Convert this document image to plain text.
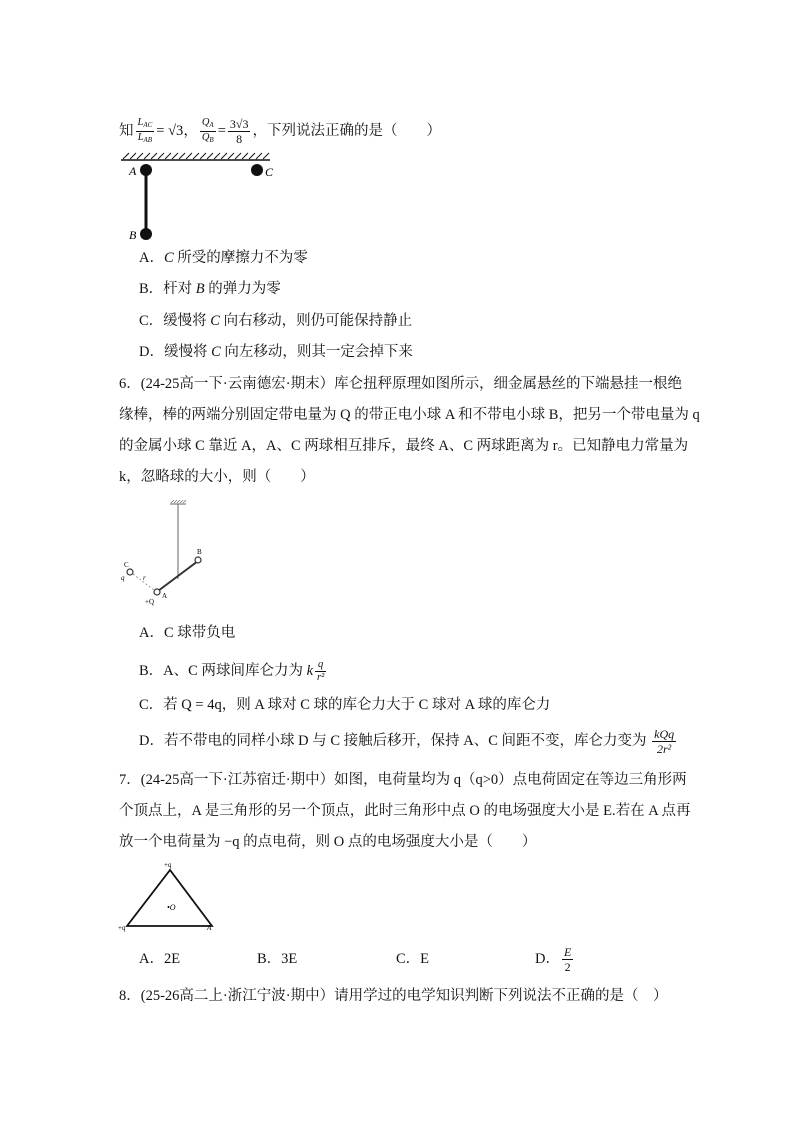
知 $\frac{L_{AC}}{L_{AB}} = √3$， $\frac{Q_A}{Q_B} = \frac{3√3}{8}$ ，下列说法正确的是（　　）
A
B
C
A．C 所受的摩擦力不为零
B．杆对 B 的弹力为零
C．缓慢将 C 向右移动，则仍可能保持静止
D．缓慢将 C 向左移动，则其一定会掉下来
6．(24-25高一下·云南德宏·期末）库仑扭秤原理如图所示，细金属悬丝的下端悬挂一根绝
缘棒，棒的两端分别固定带电量为 Q 的带正电小球 A 和不带电小球 B，把另一个带电量为 q
的金属小球 C 靠近 A，A、C 两球相互排斥，最终 A、C 两球距离为 r。已知静电力常量为
k，忽略球的大小，则（　　）
C
q	r
A
+Q
B
A．C 球带负电
B．A、C 两球间库仑力为 k $\frac{q}{\text{r²}}$
C．若 Q = 4q，则 A 球对 C 球的库仑力大于 C 球对 A 球的库仑力
D．若不带电的同样小球 D 与 C 接触后移开，保持 A、C 间距不变，库仑力变为 $\frac{\text{kQq}}{\text{2r²}}$
7．(24-25高一下·江苏宿迁·期中）如图，电荷量均为 q（q>0）点电荷固定在等边三角形两
个顶点上，A 是三角形的另一个顶点，此时三角形中点 O 的电场强度大小是 E.若在 A 点再
放一个电荷量为 −q 的点电荷，则 O 点的电场强度大小是（　　）
+q
+q	A
•O
A．2E	B．3E	C．E	D． $\frac{E}{2}$
8．(25-26高二上·浙江宁波·期中）请用学过的电学知识判断下列说法不正确的是（　）
